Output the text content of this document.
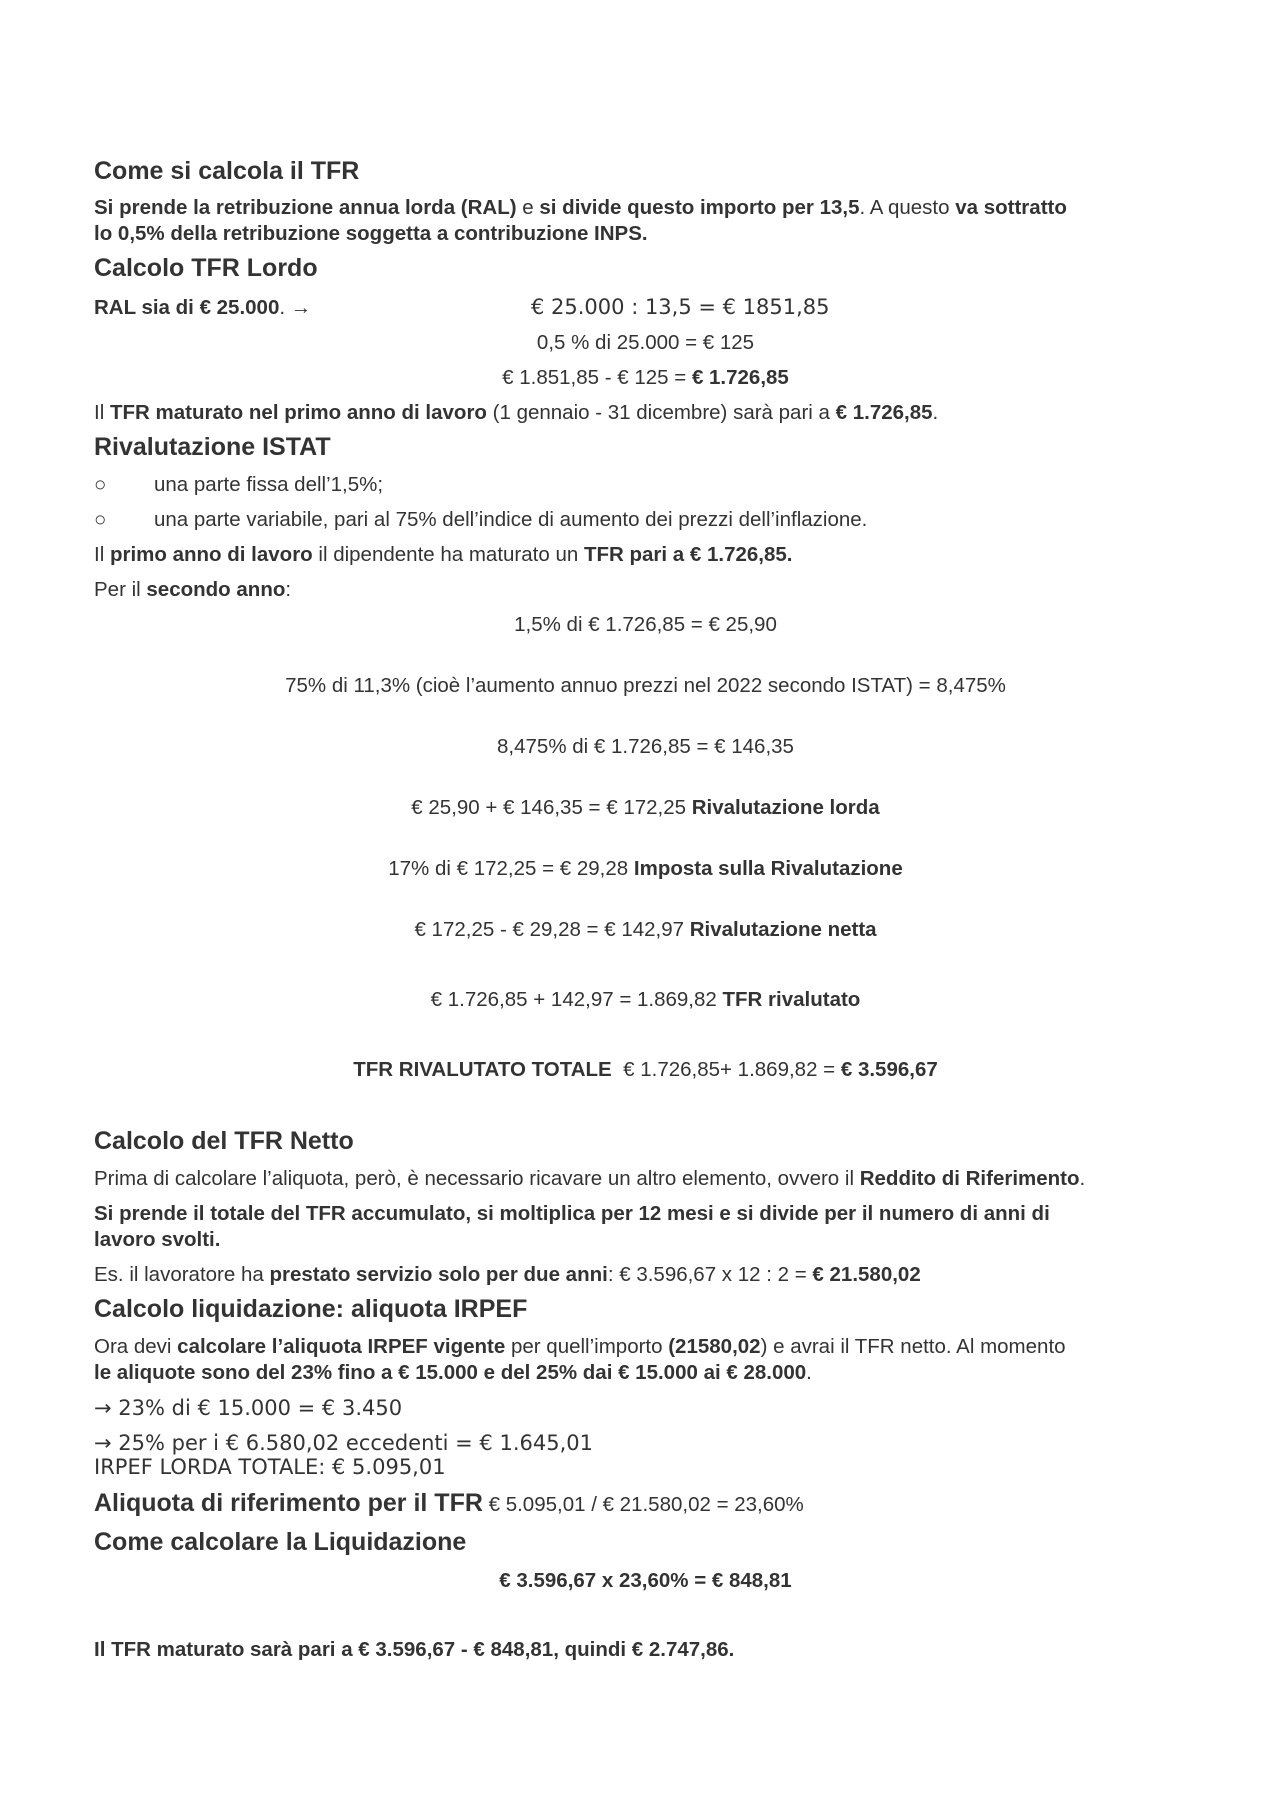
Come si calcola il TFR
Si prende la retribuzione annua lorda (RAL) e si divide questo importo per 13,5. A questo va sottratto
lo 0,5% della retribuzione soggetta a contribuzione INPS.
Calcolo TFR Lordo
RAL sia di € 25.000. →	€ 25.000 : 13,5 = € 1851,85
0,5 % di 25.000 = € 125
€ 1.851,85 - € 125 = € 1.726,85
Il TFR maturato nel primo anno di lavoro (1 gennaio - 31 dicembre) sarà pari a € 1.726,85.
Rivalutazione ISTAT
○ una parte fissa dell’1,5%;
○ una parte variabile, pari al 75% dell’indice di aumento dei prezzi dell’inflazione.
Il primo anno di lavoro il dipendente ha maturato un TFR pari a € 1.726,85.
Per il secondo anno:
1,5% di € 1.726,85 = € 25,90
75% di 11,3% (cioè l’aumento annuo prezzi nel 2022 secondo ISTAT) = 8,475%
8,475% di € 1.726,85 = € 146,35
€ 25,90 + € 146,35 = € 172,25 Rivalutazione lorda
17% di € 172,25 = € 29,28 Imposta sulla Rivalutazione
€ 172,25 - € 29,28 = € 142,97 Rivalutazione netta
€ 1.726,85 + 142,97 = 1.869,82 TFR rivalutato
TFR RIVALUTATO TOTALE  € 1.726,85+ 1.869,82 = € 3.596,67
Calcolo del TFR Netto
Prima di calcolare l’aliquota, però, è necessario ricavare un altro elemento, ovvero il Reddito di Riferimento.
Si prende il totale del TFR accumulato, si moltiplica per 12 mesi e si divide per il numero di anni di
lavoro svolti.
Es. il lavoratore ha prestato servizio solo per due anni: € 3.596,67 x 12 : 2 = € 21.580,02
Calcolo liquidazione: aliquota IRPEF
Ora devi calcolare l’aliquota IRPEF vigente per quell’importo (21580,02) e avrai il TFR netto. Al momento
le aliquote sono del 23% fino a € 15.000 e del 25% dai € 15.000 ai € 28.000.
→ 23% di € 15.000 = € 3.450
→ 25% per i € 6.580,02 eccedenti = € 1.645,01
IRPEF LORDA TOTALE: € 5.095,01
Aliquota di riferimento per il TFR € 5.095,01 / € 21.580,02 = 23,60%
Come calcolare la Liquidazione
€ 3.596,67 x 23,60% = € 848,81
Il TFR maturato sarà pari a € 3.596,67 - € 848,81, quindi € 2.747,86.
